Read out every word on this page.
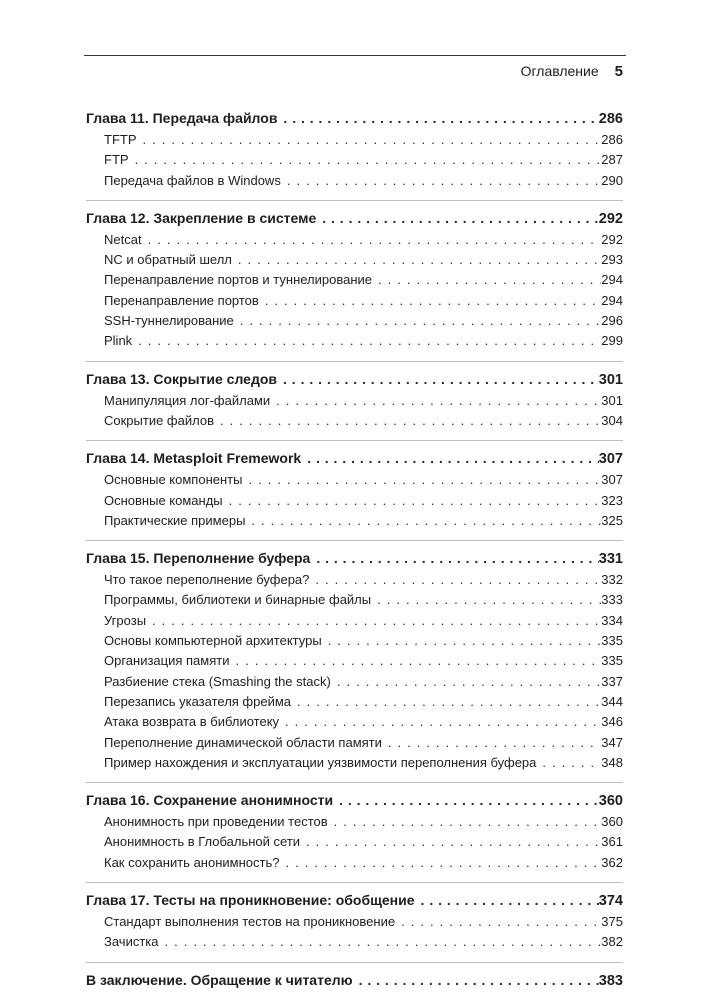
Оглавление 5
Глава 11. Передача файлов . . .	286
TFTP . . .	286
FTP . . .	287
Передача файлов в Windows . . .	290
Глава 12. Закрепление в системе . . .	292
Netcat . . .	292
NC и обратный шелл . . .	293
Перенаправление портов и туннелирование . . .	294
Перенаправление портов . . .	294
SSH-туннелирование . . .	296
Plink . . .	299
Глава 13. Сокрытие следов . . .	301
Манипуляция лог-файлами . . .	301
Сокрытие файлов . . .	304
Глава 14. Metasploit Fremework . . .	307
Основные компоненты . . .	307
Основные команды . . .	323
Практические примеры . . .	325
Глава 15. Переполнение буфера . . .	331
Что такое переполнение буфера? . . .	332
Программы, библиотеки и бинарные файлы . . .	333
Угрозы . . .	334
Основы компьютерной архитектуры . . .	335
Организация памяти . . .	335
Разбиение стека (Smashing the stack) . . .	337
Перезапись указателя фрейма . . .	344
Атака возврата в библиотеку . . .	346
Переполнение динамической области памяти . . .	347
Пример нахождения и эксплуатации уязвимости переполнения буфера . . .	348
Глава 16. Сохранение анонимности . . .	360
Анонимность при проведении тестов . . .	360
Анонимность в Глобальной сети . . .	361
Как сохранить анонимность? . . .	362
Глава 17. Тесты на проникновение: обобщение . . .	374
Стандарт выполнения тестов на проникновение . . .	375
Зачистка . . .	382
В заключение. Обращение к читателю . . .	383
